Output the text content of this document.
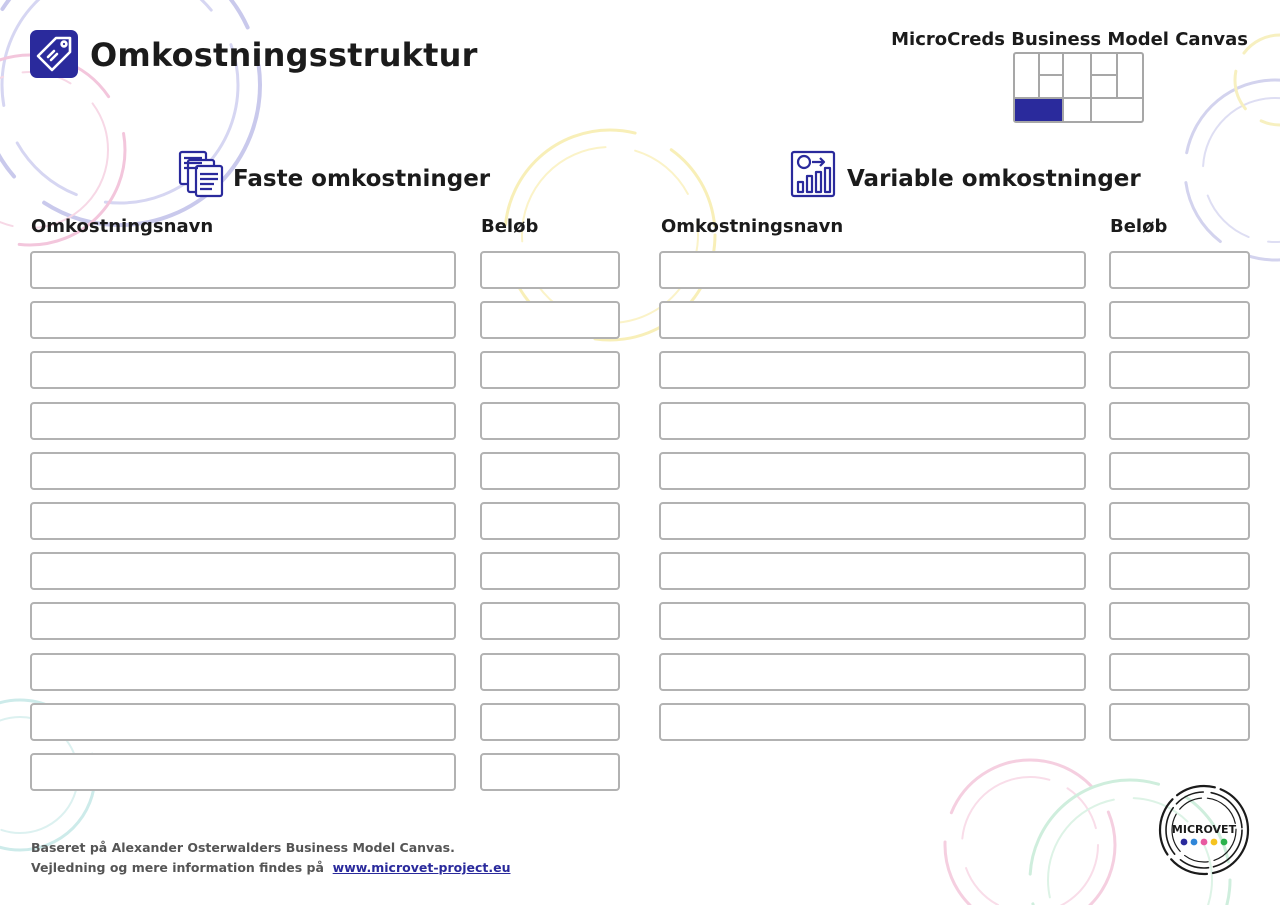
Omkostningsstruktur	MicroCreds Business Model Canvas
Faste omkostninger	Variable omkostninger
Omkostningsnavn	Beløb	Omkostningsnavn	Beløb
Baseret på Alexander Osterwalders Business Model Canvas.
Vejledning og mere information findes på www.microvet-project.eu
MICROVET
